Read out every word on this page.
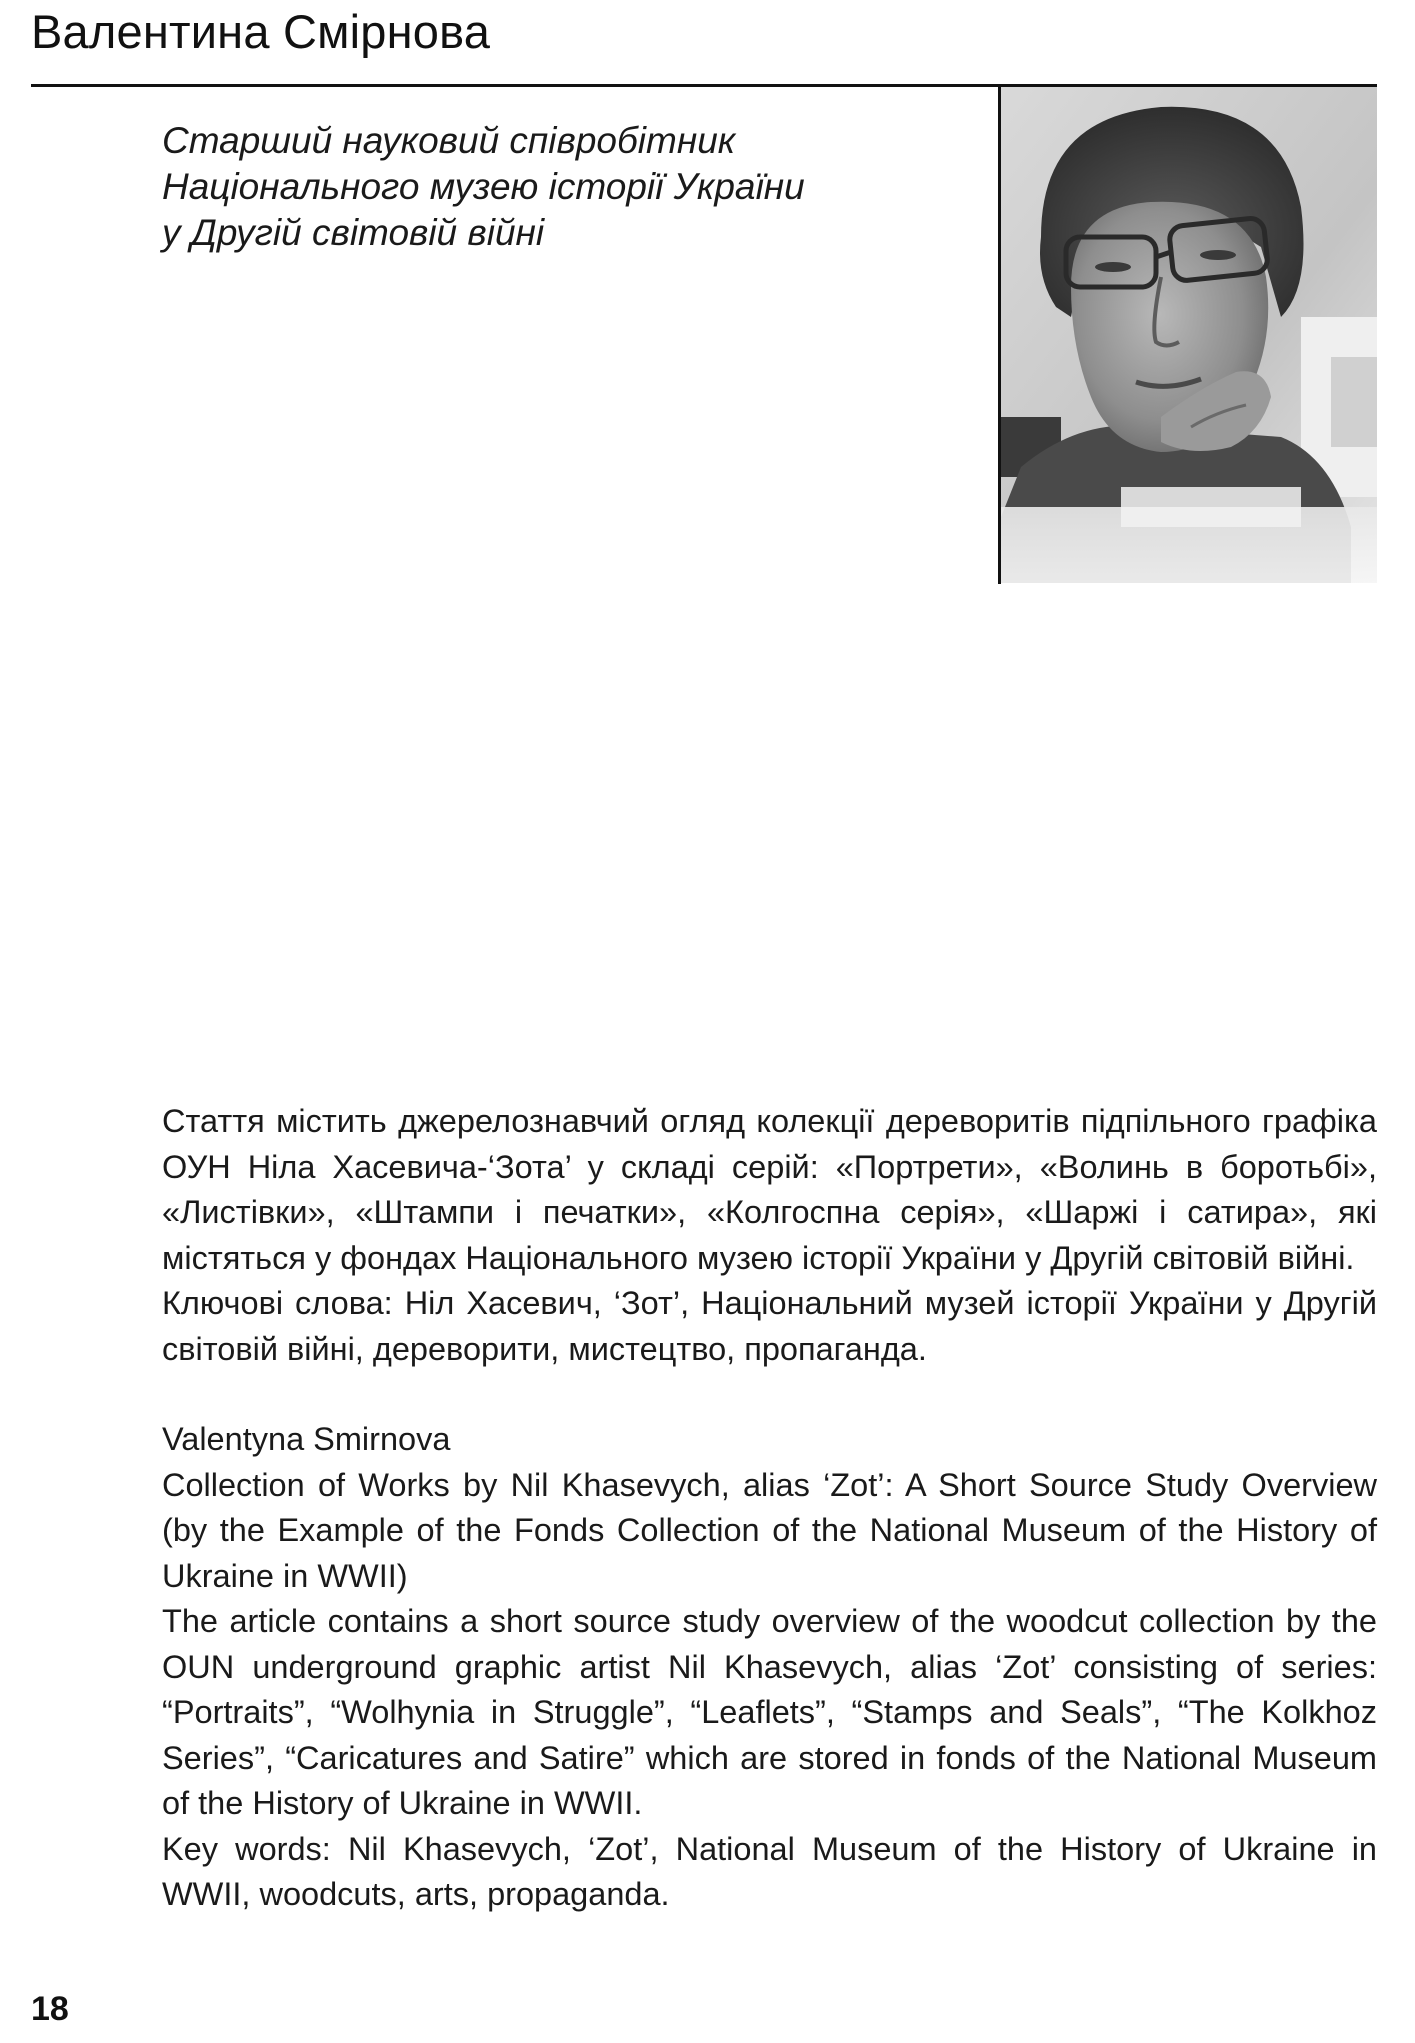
Валентина Смірнова
Старший науковий співробітник
Національного музею історії України
у Другій світовій війні

Стаття містить джерелознавчий огляд колекції дереворитів підпільного графіка ОУН Ніла Хасевича-‘Зота’ у складі серій: «Портрети», «Волинь в боротьбі», «Листівки», «Штампи і печатки», «Колгоспна серія», «Шаржі і сатира», які містяться у фондах Національного музею історії України у Другій світовій війні.

Ключові слова: Ніл Хасевич, ‘Зот’, Національний музей історії України у Другій світовій війні, дереворити, мистецтво, пропаганда.

Valentyna Smirnova

Collection of Works by Nil Khasevych, alias ‘Zot’: A Short Source Study Overview (by the Example of the Fonds Collection of the National Museum of the History of Ukraine in WWII)

The article contains a short source study overview of the woodcut collection by the OUN underground graphic artist Nil Khasevych, alias ‘Zot’ consisting of series: “Portraits”, “Wolhynia in Struggle”, “Leaflets”, “Stamps and Seals”, “The Kolkhoz Series”, “Caricatures and Satire” which are stored in fonds of the National Museum of the History of Ukraine in WWII.

Key words: Nil Khasevych, ‘Zot’, National Museum of the History of Ukraine in WWII, woodcuts, arts, propaganda.

18
